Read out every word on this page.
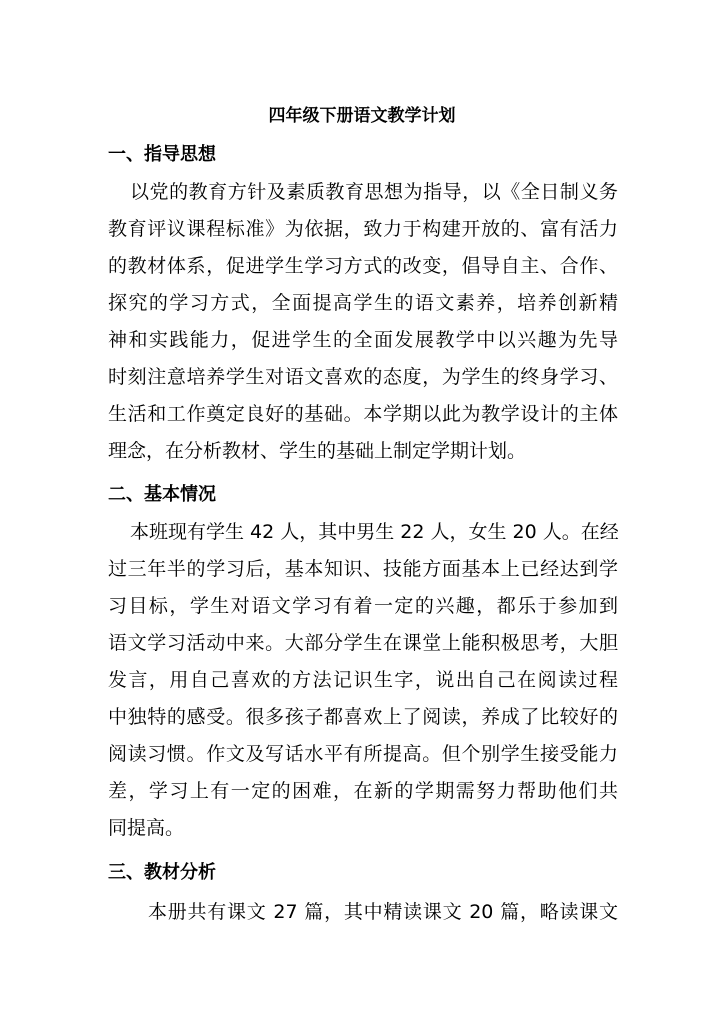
四年级下册语文教学计划
一、指导思想
以党的教育方针及素质教育思想为指导，以《全日制义务
教育评议课程标准》为依据，致力于构建开放的、富有活力
的教材体系，促进学生学习方式的改变，倡导自主、合作、
探究的学习方式，全面提高学生的语文素养，培养创新精
神和实践能力，促进学生的全面发展教学中以兴趣为先导
时刻注意培养学生对语文喜欢的态度，为学生的终身学习、
生活和工作奠定良好的基础。本学期以此为教学设计的主体
理念，在分析教材、学生的基础上制定学期计划。
二、基本情况
本班现有学生 42 人，其中男生 22 人，女生 20 人。在经
过三年半的学习后，基本知识、技能方面基本上已经达到学
习目标，学生对语文学习有着一定的兴趣，都乐于参加到
语文学习活动中来。大部分学生在课堂上能积极思考，大胆
发言，用自己喜欢的方法记识生字，说出自己在阅读过程
中独特的感受。很多孩子都喜欢上了阅读，养成了比较好的
阅读习惯。作文及写话水平有所提高。但个别学生接受能力
差，学习上有一定的困难，在新的学期需努力帮助他们共
同提高。
三、教材分析
本册共有课文 27 篇，其中精读课文 20 篇，略读课文
